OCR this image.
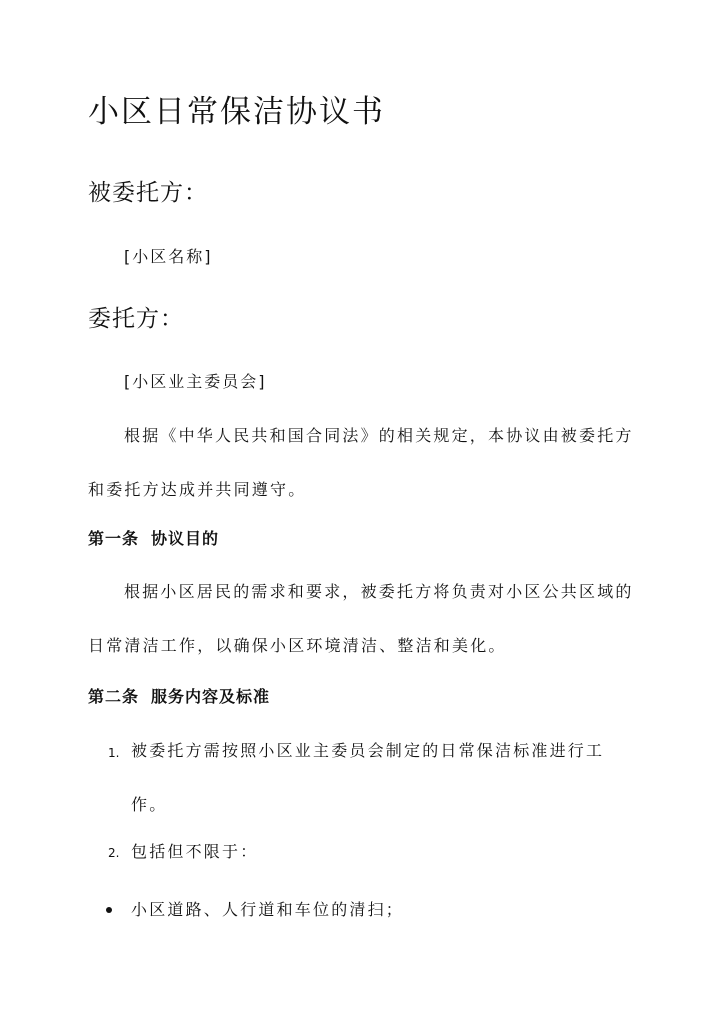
小区日常保洁协议书
被委托方：

[小区名称]

委托方：

[小区业主委员会]

根据《中华人民共和国合同法》的相关规定，本协议由被委托方和委托方达成并共同遵守。

第一条 协议目的

根据小区居民的需求和要求，被委托方将负责对小区公共区域的日常清洁工作，以确保小区环境清洁、整洁和美化。

第二条 服务内容及标准

1. 被委托方需按照小区业主委员会制定的日常保洁标准进行工作。

2. 包括但不限于：

小区道路、人行道和车位的清扫；
